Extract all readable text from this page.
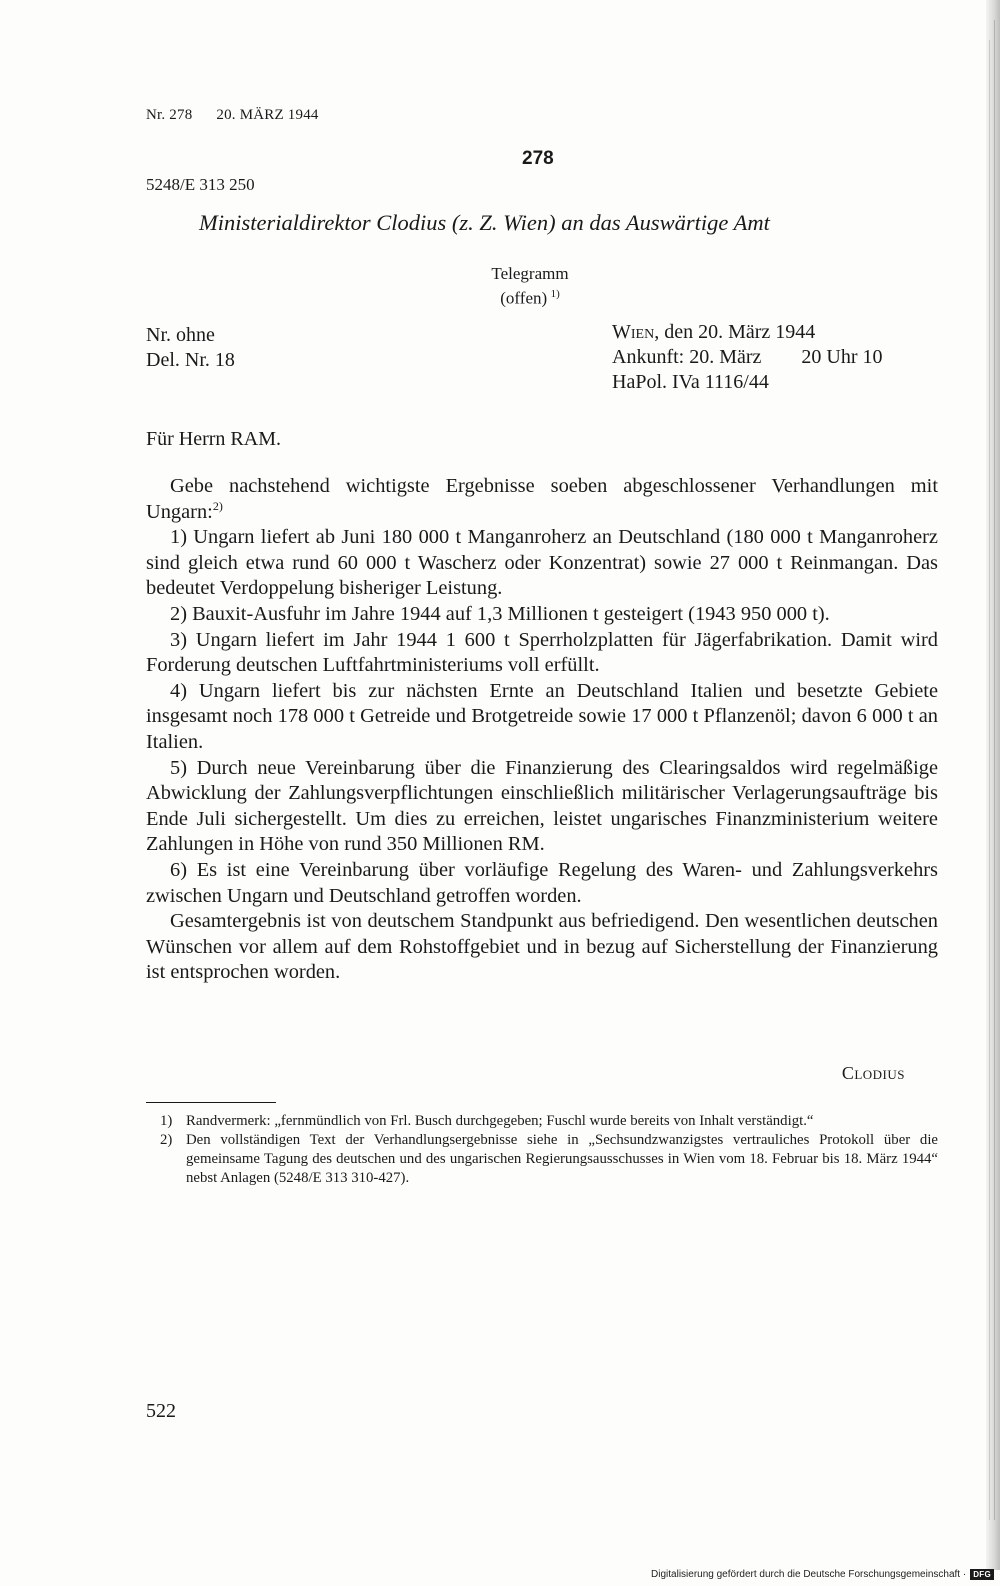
Nr. 278 20. MÄRZ 1944
278
5248/E 313 250
Ministerialdirektor Clodius (z. Z. Wien) an das Auswärtige Amt
Telegramm
(offen)  $^{1)}$
Nr. ohne
Del. Nr. 18
Wien, den 20. März 1944
Ankunft: 20. März 20 Uhr 10
HaPol. IVa 1116/44
Für Herrn RAM.

Gebe nachstehend wichtigste Ergebnisse soeben abgeschlossener Verhandlungen mit Ungarn:$^{2)}$

1) Ungarn liefert ab Juni 180 000 t Manganroherz an Deutschland (180 000 t Manganroherz sind gleich etwa rund 60 000 t Wascherz oder Konzentrat) sowie 27 000 t Reinmangan. Das bedeutet Verdoppelung bisheriger Leistung.

2) Bauxit-Ausfuhr im Jahre 1944 auf 1,3 Millionen t gesteigert (1943 950 000 t).

3) Ungarn liefert im Jahr 1944 1 600 t Sperrholzplatten für Jägerfabrikation. Damit wird Forderung deutschen Luftfahrtministeriums voll erfüllt.

4) Ungarn liefert bis zur nächsten Ernte an Deutschland Italien und besetzte Gebiete insgesamt noch 178 000 t Getreide und Brotgetreide sowie 17 000 t Pflanzenöl; davon 6 000 t an Italien.

5) Durch neue Vereinbarung über die Finanzierung des Clearingsaldos wird regelmäßige Abwicklung der Zahlungsverpflichtungen einschließlich militärischer Verlagerungsaufträge bis Ende Juli sichergestellt. Um dies zu erreichen, leistet ungarisches Finanzministerium weitere Zahlungen in Höhe von rund 350 Millionen RM.

6) Es ist eine Vereinbarung über vorläufige Regelung des Waren- und Zahlungsverkehrs zwischen Ungarn und Deutschland getroffen worden.

Gesamtergebnis ist von deutschem Standpunkt aus befriedigend. Den wesentlichen deutschen Wünschen vor allem auf dem Rohstoffgebiet und in bezug auf Sicherstellung der Finanzierung ist entsprochen worden.

Clodius
1) Randvermerk: „fernmündlich von Frl. Busch durchgegeben; Fuschl wurde bereits von Inhalt verständigt.“
2) Den vollständigen Text der Verhandlungsergebnisse siehe in „Sechsundzwanzigstes vertrauliches Protokoll über die gemeinsame Tagung des deutschen und des ungarischen Regierungsausschusses in Wien vom 18. Februar bis 18. März 1944“ nebst Anlagen (5248/E 313 310-427).
522
Digitalisierung gefördert durch die Deutsche Forschungsgemeinschaft · DFG
